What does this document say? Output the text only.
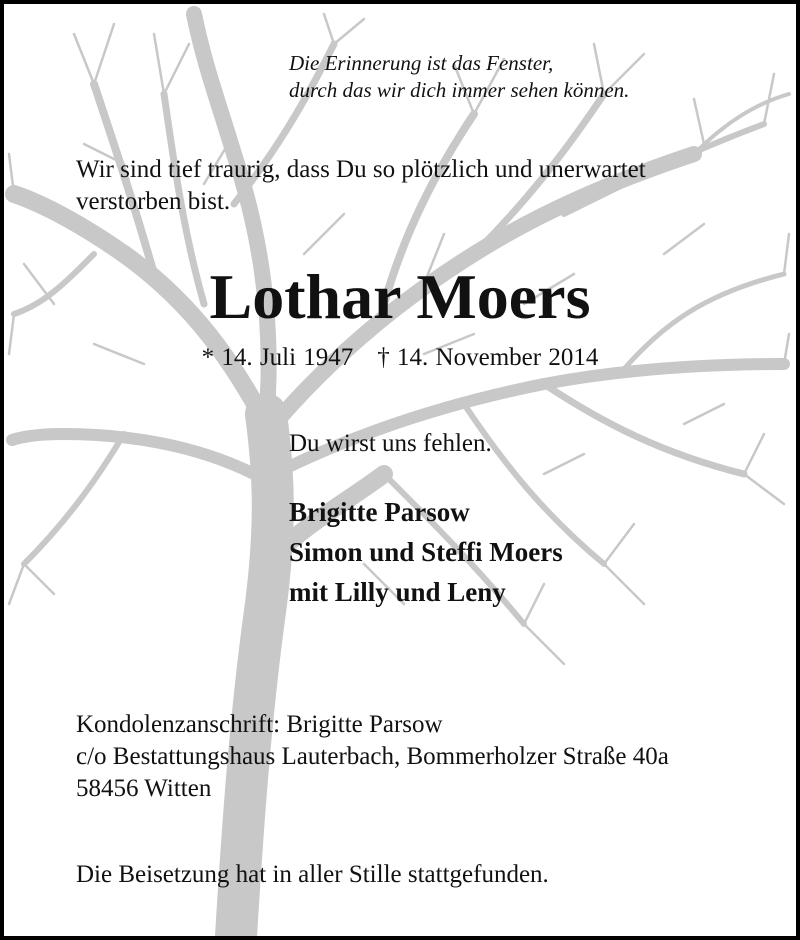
Die Erinnerung ist das Fenster,
durch das wir dich immer sehen können.

Wir sind tief traurig, dass Du so plötzlich und unerwartet
verstorben bist.

Lothar Moers

* 14. Juli 1947 † 14. November 2014

Du wirst uns fehlen.

Brigitte Parsow
Simon und Steffi Moers
mit Lilly und Leny

Kondolenzanschrift: Brigitte Parsow
c/o Bestattungshaus Lauterbach, Bommerholzer Straße 40a
58456 Witten

Die Beisetzung hat in aller Stille stattgefunden.
